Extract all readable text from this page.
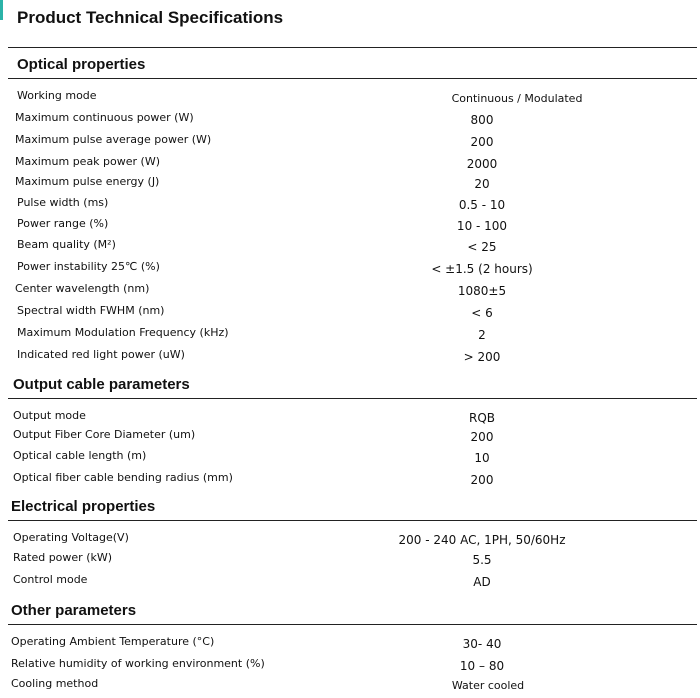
Product Technical Specifications
Optical properties
Working mode	Continuous / Modulated
Maximum continuous power (W)	800
Maximum pulse average power (W)	200
Maximum peak power (W)	2000
Maximum pulse energy (J)	20
Pulse width (ms)	0.5 - 10
Power range (%)	10 - 100
Beam quality (M²)	< 25
Power instability 25℃ (%)	< ±1.5 (2 hours)
Center wavelength (nm)	1080±5
Spectral width FWHM (nm)	< 6
Maximum Modulation Frequency (kHz)	2
Indicated red light power (uW)	> 200
Output cable parameters
Output mode	RQB
Output Fiber Core Diameter (um)	200
Optical cable length (m)	10
Optical fiber cable bending radius (mm)	200
Electrical properties
Operating Voltage(V)	200 - 240 AC, 1PH, 50/60Hz
Rated power (kW)	5.5
Control mode	AD
Other parameters
Operating Ambient Temperature (°C)	30- 40
Relative humidity of working environment (%)	10 – 80
Cooling method	Water cooled
